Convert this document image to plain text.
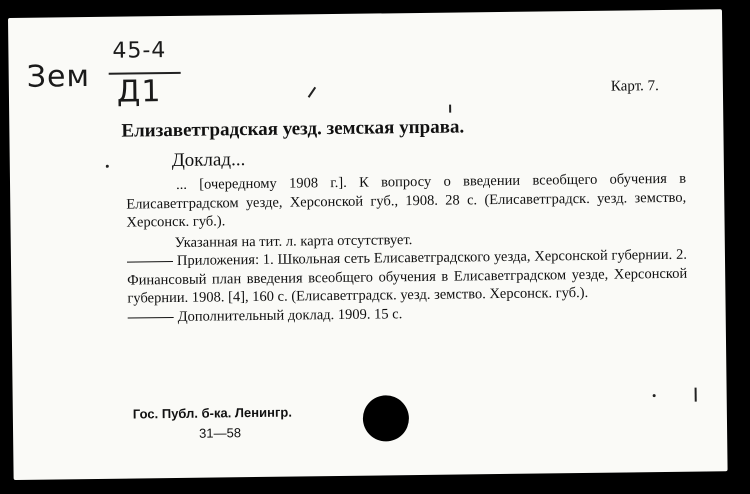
Зем
45-4
Д1	Карт. 7.
Елизаветградская уезд. земская управа.
Доклад...

... [очередному 1908 г.]. К вопросу о введении всеобщего обучения в Елисаветградском уезде, Херсонской губ., 1908. 28 с. (Елисаветградск. уезд. земство, Херсонск. губ.).

Указанная на тит. л. карта отсутствует.

Приложения: 1. Школьная сеть Елисаветградского уезда, Херсонской губернии. 2. Финансовый план введения всеобщего обучения в Елисаветградском уезде, Херсонской губернии. 1908. [4], 160 с. (Елисаветградск. уезд. земство. Херсонск. губ.).

Дополнительный доклад. 1909. 15 с.

Гос. Публ. б-ка. Ленингр.
31—58
